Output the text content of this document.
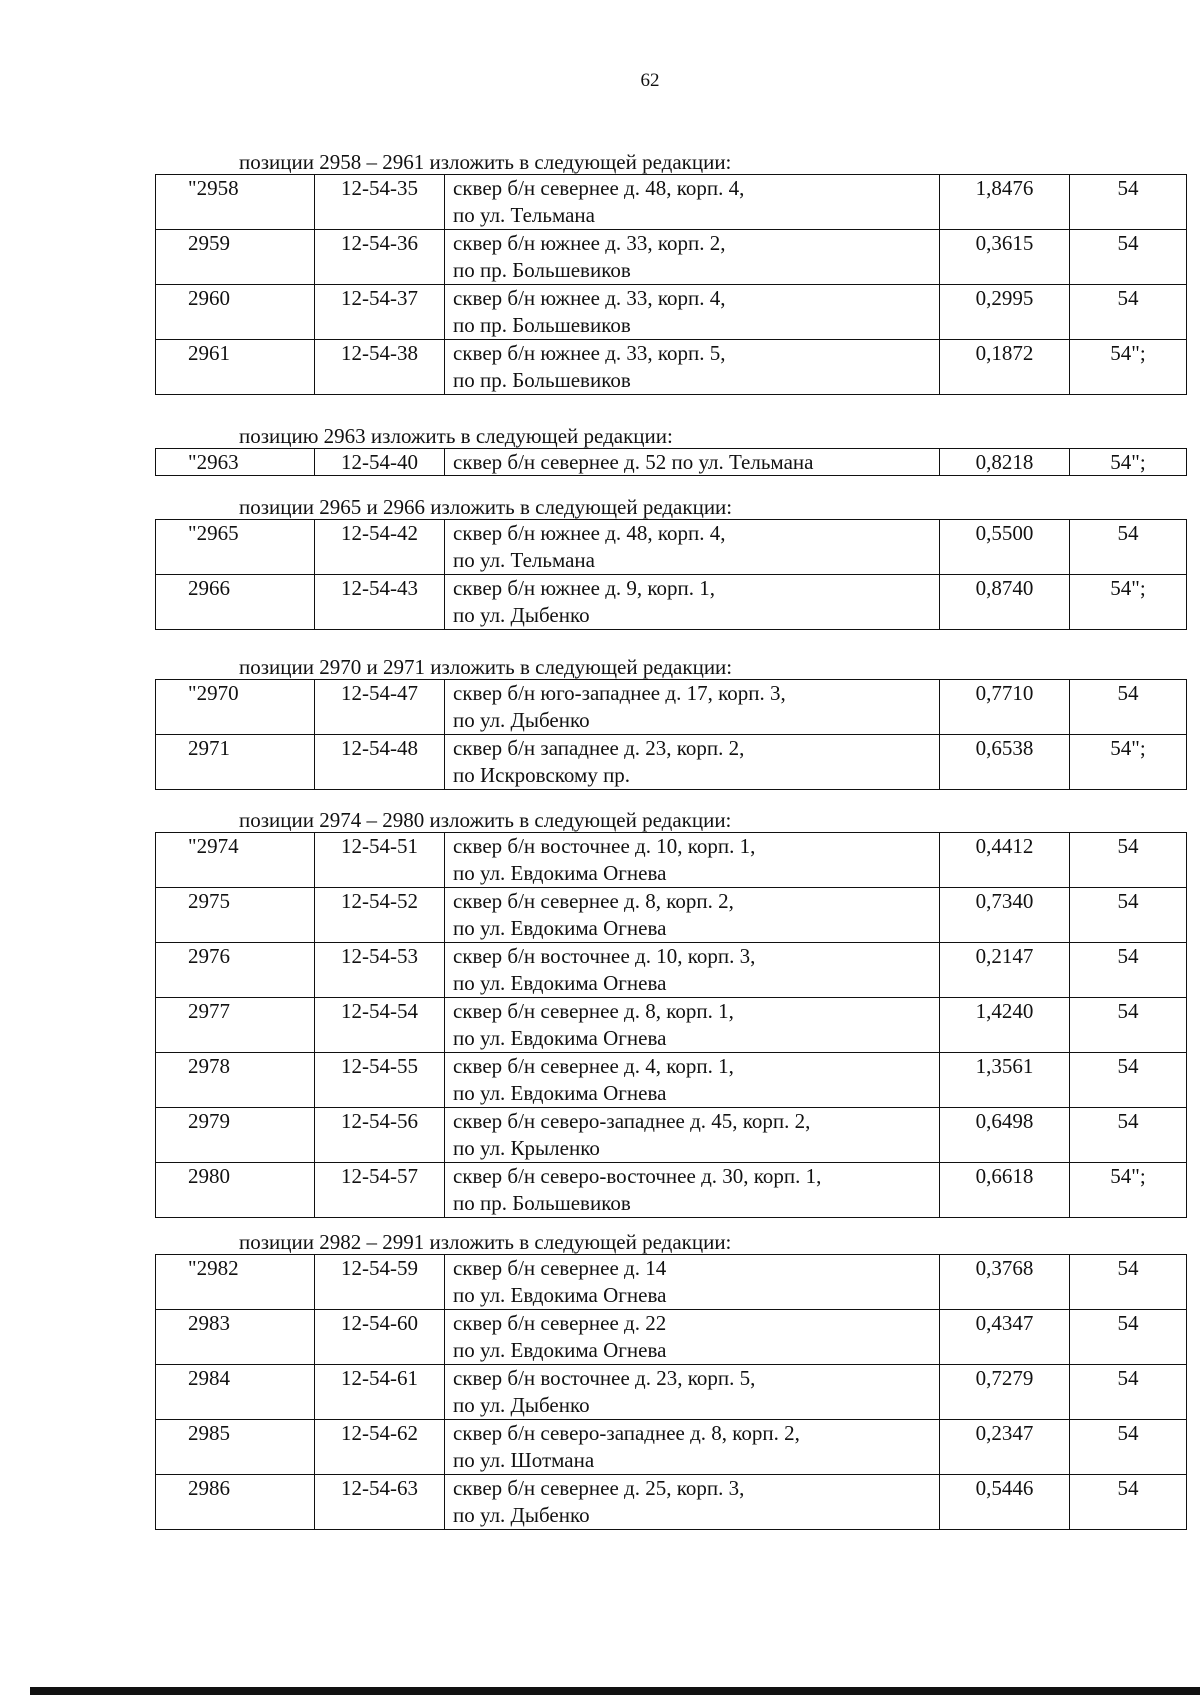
62
позиции 2958 – 2961 изложить в следующей редакции:
"2958	12-54-35	сквер б/н севернее д. 48, корп. 4,
по ул. Тельмана	1,8476	54
2959	12-54-36	сквер б/н южнее д. 33, корп. 2,
по пр. Большевиков	0,3615	54
2960	12-54-37	сквер б/н южнее д. 33, корп. 4,
по пр. Большевиков	0,2995	54
2961	12-54-38	сквер б/н южнее д. 33, корп. 5,
по пр. Большевиков	0,1872	54";
позицию 2963 изложить в следующей редакции:
"2963	12-54-40	сквер б/н севернее д. 52 по ул. Тельмана	0,8218	54";
позиции 2965 и 2966 изложить в следующей редакции:
"2965	12-54-42	сквер б/н южнее д. 48, корп. 4,
по ул. Тельмана	0,5500	54
2966	12-54-43	сквер б/н южнее д. 9, корп. 1,
по ул. Дыбенко	0,8740	54";
позиции 2970 и 2971 изложить в следующей редакции:
"2970	12-54-47	сквер б/н юго-западнее д. 17, корп. 3,
по ул. Дыбенко	0,7710	54
2971	12-54-48	сквер б/н западнее д. 23, корп. 2,
по Искровскому пр.	0,6538	54";
позиции 2974 – 2980 изложить в следующей редакции:
"2974	12-54-51	сквер б/н восточнее д. 10, корп. 1,
по ул. Евдокима Огнева	0,4412	54
2975	12-54-52	сквер б/н севернее д. 8, корп. 2,
по ул. Евдокима Огнева	0,7340	54
2976	12-54-53	сквер б/н восточнее д. 10, корп. 3,
по ул. Евдокима Огнева	0,2147	54
2977	12-54-54	сквер б/н севернее д. 8, корп. 1,
по ул. Евдокима Огнева	1,4240	54
2978	12-54-55	сквер б/н севернее д. 4, корп. 1,
по ул. Евдокима Огнева	1,3561	54
2979	12-54-56	сквер б/н северо-западнее д. 45, корп. 2,
по ул. Крыленко	0,6498	54
2980	12-54-57	сквер б/н северо-восточнее д. 30, корп. 1,
по пр. Большевиков	0,6618	54";
позиции 2982 – 2991 изложить в следующей редакции:
"2982	12-54-59	сквер б/н севернее д. 14
по ул. Евдокима Огнева	0,3768	54
2983	12-54-60	сквер б/н севернее д. 22
по ул. Евдокима Огнева	0,4347	54
2984	12-54-61	сквер б/н восточнее д. 23, корп. 5,
по ул. Дыбенко	0,7279	54
2985	12-54-62	сквер б/н северо-западнее д. 8, корп. 2,
по ул. Шотмана	0,2347	54
2986	12-54-63	сквер б/н севернее д. 25, корп. 3,
по ул. Дыбенко	0,5446	54
